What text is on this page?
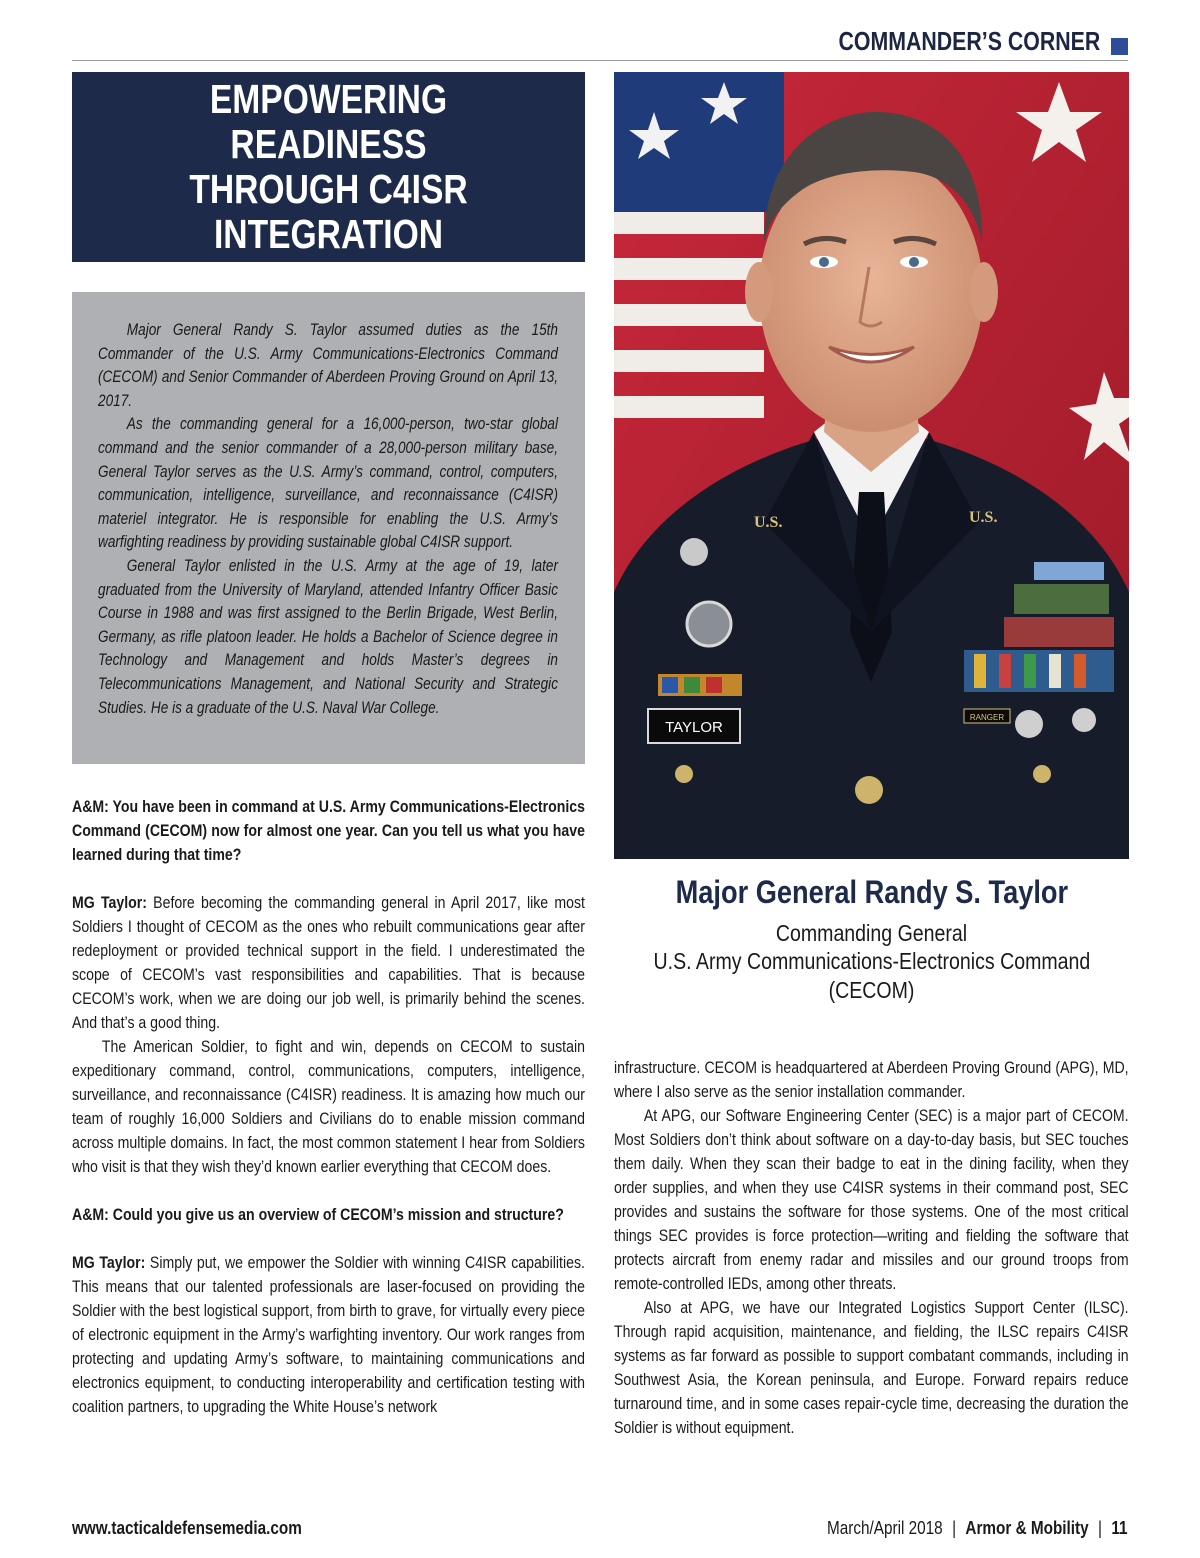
COMMANDER’S CORNER
EMPOWERING READINESS
THROUGH C4ISR
INTEGRATION

Major General Randy S. Taylor assumed duties as the 15th Commander of the U.S. Army Communications-Electronics Command (CECOM) and Senior Commander of Aberdeen Proving Ground on April 13, 2017.

As the commanding general for a 16,000-person, two-star global command and the senior commander of a 28,000-person military base, General Taylor serves as the U.S. Army’s command, control, computers, communication, intelligence, surveillance, and reconnaissance (C4ISR) materiel integrator. He is responsible for enabling the U.S. Army’s warfighting readiness by providing sustainable global C4ISR support.

General Taylor enlisted in the U.S. Army at the age of 19, later graduated from the University of Maryland, attended Infantry Officer Basic Course in 1988 and was first assigned to the Berlin Brigade, West Berlin, Germany, as rifle platoon leader. He holds a Bachelor of Science degree in Technology and Management and holds Master’s degrees in Telecommunications Management, and National Security and Strategic Studies. He is a graduate of the U.S. Naval War College.

A&M: You have been in command at U.S. Army Communications-Electronics Command (CECOM) now for almost one year. Can you tell us what you have learned during that time?

MG Taylor: Before becoming the commanding general in April 2017, like most Soldiers I thought of CECOM as the ones who rebuilt communications gear after redeployment or provided technical support in the field. I underestimated the scope of CECOM’s vast responsibilities and capabilities. That is because CECOM’s work, when we are doing our job well, is primarily behind the scenes. And that’s a good thing.

The American Soldier, to fight and win, depends on CECOM to sustain expeditionary command, control, communications, computers, intelligence, surveillance, and reconnaissance (C4ISR) readiness. It is amazing how much our team of roughly 16,000 Soldiers and Civilians do to enable mission command across multiple domains. In fact, the most common statement I hear from Soldiers who visit is that they wish they’d known earlier everything that CECOM does.

A&M: Could you give us an overview of CECOM’s mission and structure?

MG Taylor: Simply put, we empower the Soldier with winning C4ISR capabilities. This means that our talented professionals are laser-focused on providing the Soldier with the best logistical support, from birth to grave, for virtually every piece of electronic equipment in the Army’s warfighting inventory. Our work ranges from protecting and updating Army’s software, to maintaining communications and electronics equipment, to conducting interoperability and certification testing with coalition partners, to upgrading the White House’s network

U.S.	U.S.
TAYLOR
RANGER
Major General Randy S. Taylor
Commanding General
U.S. Army Communications-Electronics Command
(CECOM)

infrastructure. CECOM is headquartered at Aberdeen Proving Ground (APG), MD, where I also serve as the senior installation commander.

At APG, our Software Engineering Center (SEC) is a major part of CECOM. Most Soldiers don’t think about software on a day-to-day basis, but SEC touches them daily. When they scan their badge to eat in the dining facility, when they order supplies, and when they use C4ISR systems in their command post, SEC provides and sustains the software for those systems. One of the most critical things SEC provides is force protection—writing and fielding the software that protects aircraft from enemy radar and missiles and our ground troops from remote-controlled IEDs, among other threats.

Also at APG, we have our Integrated Logistics Support Center (ILSC). Through rapid acquisition, maintenance, and fielding, the ILSC repairs C4ISR systems as far forward as possible to support combatant commands, including in Southwest Asia, the Korean peninsula, and Europe. Forward repairs reduce turnaround time, and in some cases repair-cycle time, decreasing the duration the Soldier is without equipment.

www.tacticaldefensemedia.com	March/April 2018 | Armor & Mobility | 11
